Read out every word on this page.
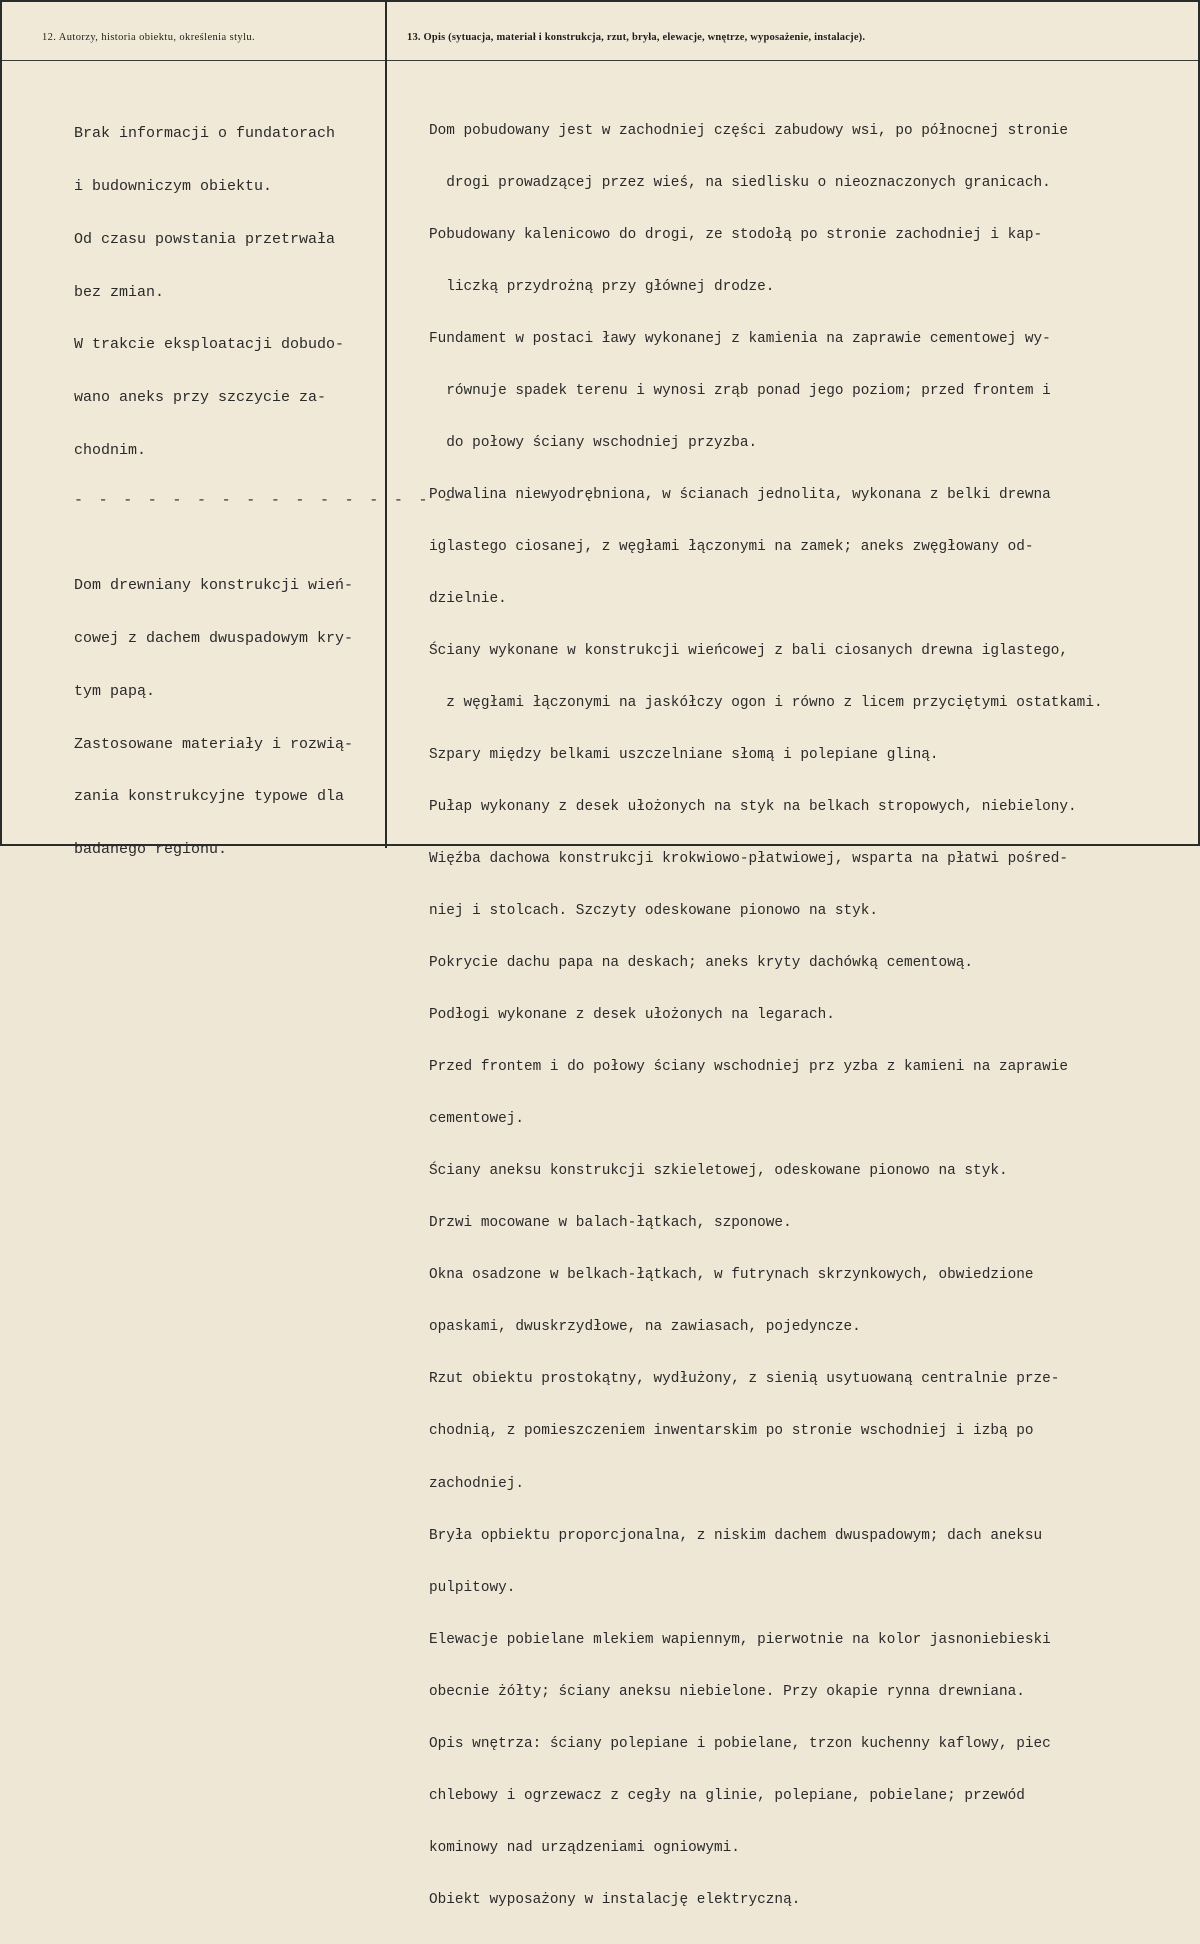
12. Autorzy, historia obiektu, określenia stylu.	13. Opis (sytuacja, materiał i konstrukcja, rzut, bryła, elewacje, wnętrze, wyposażenie, instalacje).

Brak informacji o fundatorach

i budowniczym obiektu.

Od czasu powstania przetrwała

bez zmian.

W trakcie eksploatacji dobudo-

wano aneks przy szczycie za-

chodnim.

- - - - - - - - - - - - - - - -

Dom drewniany konstrukcji wień-

cowej z dachem dwuspadowym kry-

tym papą.

Zastosowane materiały i rozwią-

zania konstrukcyjne typowe dla

badanego regionu.

Dom pobudowany jest w zachodniej części zabudowy wsi, po północnej stronie

drogi prowadzącej przez wieś, na siedlisku o nieoznaczonych granicach.

Pobudowany kalenicowo do drogi, ze stodołą po stronie zachodniej i kap-

liczką przydrożną przy głównej drodze.

Fundament w postaci ławy wykonanej z kamienia na zaprawie cementowej wy-

równuje spadek terenu i wynosi zrąb ponad jego poziom; przed frontem i

do połowy ściany wschodniej przyzba.

Podwalina niewyodrębniona, w ścianach jednolita, wykonana z belki drewna

iglastego ciosanej, z węgłami łączonymi na zamek; aneks zwęgłowany od-

dzielnie.

Ściany wykonane w konstrukcji wieńcowej z bali ciosanych drewna iglastego,

z węgłami łączonymi na jaskółczy ogon i równo z licem przyciętymi ostatkami.

Szpary między belkami uszczelniane słomą i polepiane gliną.

Pułap wykonany z desek ułożonych na styk na belkach stropowych, niebielony.

Więźba dachowa konstrukcji krokwiowo-płatwiowej, wsparta na płatwi pośred-

niej i stolcach. Szczyty odeskowane pionowo na styk.

Pokrycie dachu papa na deskach; aneks kryty dachówką cementową.

Podłogi wykonane z desek ułożonych na legarach.

Przed frontem i do połowy ściany wschodniej prz yzba z kamieni na zaprawie

cementowej.

Ściany aneksu konstrukcji szkieletowej, odeskowane pionowo na styk.

Drzwi mocowane w balach-łątkach, szponowe.

Okna osadzone w belkach-łątkach, w futrynach skrzynkowych, obwiedzione

opaskami, dwuskrzydłowe, na zawiasach, pojedyncze.

Rzut obiektu prostokątny, wydłużony, z sienią usytuowaną centralnie prze-

chodnią, z pomieszczeniem inwentarskim po stronie wschodniej i izbą po

zachodniej.

Bryła opbiektu proporcjonalna, z niskim dachem dwuspadowym; dach aneksu

pulpitowy.

Elewacje pobielane mlekiem wapiennym, pierwotnie na kolor jasnoniebieski

obecnie żółty; ściany aneksu niebielone. Przy okapie rynna drewniana.

Opis wnętrza: ściany polepiane i pobielane, trzon kuchenny kaflowy, piec

chlebowy i ogrzewacz z cegły na glinie, polepiane, pobielane; przewód

kominowy nad urządzeniami ogniowymi.

Obiekt wyposażony w instalację elektryczną.
